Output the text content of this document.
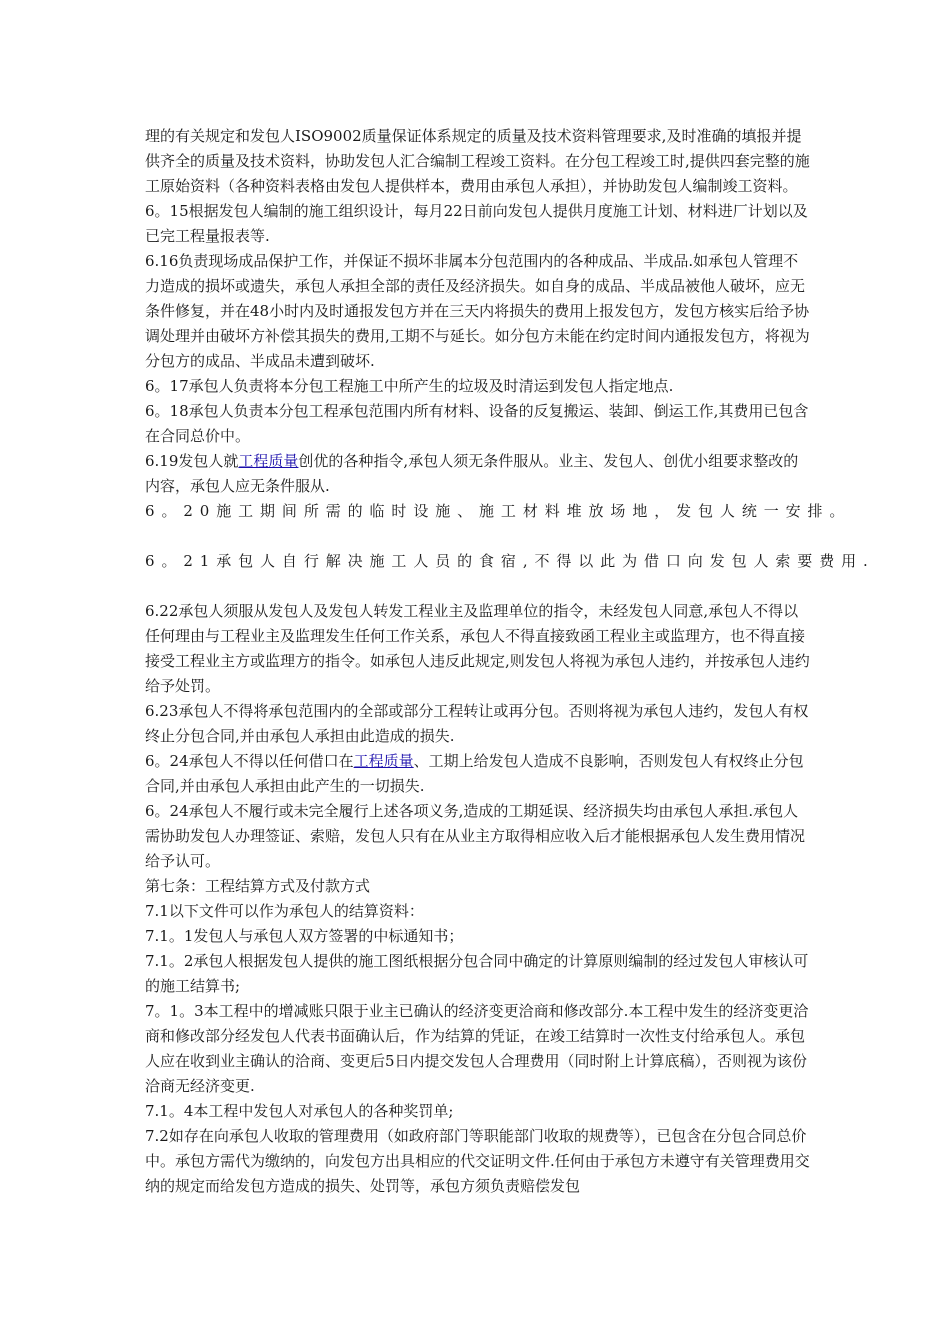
理的有关规定和发包人ISO9002质量保证体系规定的质量及技术资料管理要求,及时准确的填报并提供齐全的质量及技术资料，协助发包人汇合编制工程竣工资料。在分包工程竣工时,提供四套完整的施工原始资料（各种资料表格由发包人提供样本，费用由承包人承担），并协助发包人编制竣工资料。

6。15根据发包人编制的施工组织设计，每月22日前向发包人提供月度施工计划、材料进厂计划以及已完工程量报表等.

6.16负责现场成品保护工作，并保证不损坏非属本分包范围内的各种成品、半成品.如承包人管理不力造成的损坏或遗失，承包人承担全部的责任及经济损失。如自身的成品、半成品被他人破坏，应无条件修复，并在48小时内及时通报发包方并在三天内将损失的费用上报发包方，发包方核实后给予协调处理并由破坏方补偿其损失的费用,工期不与延长。如分包方未能在约定时间内通报发包方，将视为分包方的成品、半成品未遭到破坏.

6。17承包人负责将本分包工程施工中所产生的垃圾及时清运到发包人指定地点.

6。18承包人负责本分包工程承包范围内所有材料、设备的反复搬运、装卸、倒运工作,其费用已包含在合同总价中。

6.19发包人就工程质量创优的各种指令,承包人须无条件服从。业主、发包人、创优小组要求整改的内容，承包人应无条件服从.

6。20施工期间所需的临时设施、施工材料堆放场地，发包人统一安排。

6。21承包人自行解决施工人员的食宿,不得以此为借口向发包人索要费用.

6.22承包人须服从发包人及发包人转发工程业主及监理单位的指令，未经发包人同意,承包人不得以任何理由与工程业主及监理发生任何工作关系，承包人不得直接致函工程业主或监理方，也不得直接接受工程业主方或监理方的指令。如承包人违反此规定,则发包人将视为承包人违约，并按承包人违约给予处罚。

6.23承包人不得将承包范围内的全部或部分工程转让或再分包。否则将视为承包人违约，发包人有权终止分包合同,并由承包人承担由此造成的损失.

6。24承包人不得以任何借口在工程质量、工期上给发包人造成不良影响，否则发包人有权终止分包合同,并由承包人承担由此产生的一切损失.

6。24承包人不履行或未完全履行上述各项义务,造成的工期延误、经济损失均由承包人承担.承包人需协助发包人办理签证、索赔，发包人只有在从业主方取得相应收入后才能根据承包人发生费用情况给予认可。

第七条：工程结算方式及付款方式

7.1以下文件可以作为承包人的结算资料：

7.1。1发包人与承包人双方签署的中标通知书；

7.1。2承包人根据发包人提供的施工图纸根据分包合同中确定的计算原则编制的经过发包人审核认可的施工结算书;

7。1。3本工程中的增减账只限于业主已确认的经济变更洽商和修改部分.本工程中发生的经济变更洽商和修改部分经发包人代表书面确认后，作为结算的凭证，在竣工结算时一次性支付给承包人。承包人应在收到业主确认的洽商、变更后5日内提交发包人合理费用（同时附上计算底稿），否则视为该份洽商无经济变更.

7.1。4本工程中发包人对承包人的各种奖罚单;

7.2如存在向承包人收取的管理费用（如政府部门等职能部门收取的规费等），已包含在分包合同总价中。承包方需代为缴纳的，向发包方出具相应的代交证明文件.任何由于承包方未遵守有关管理费用交纳的规定而给发包方造成的损失、处罚等，承包方须负责赔偿发包
